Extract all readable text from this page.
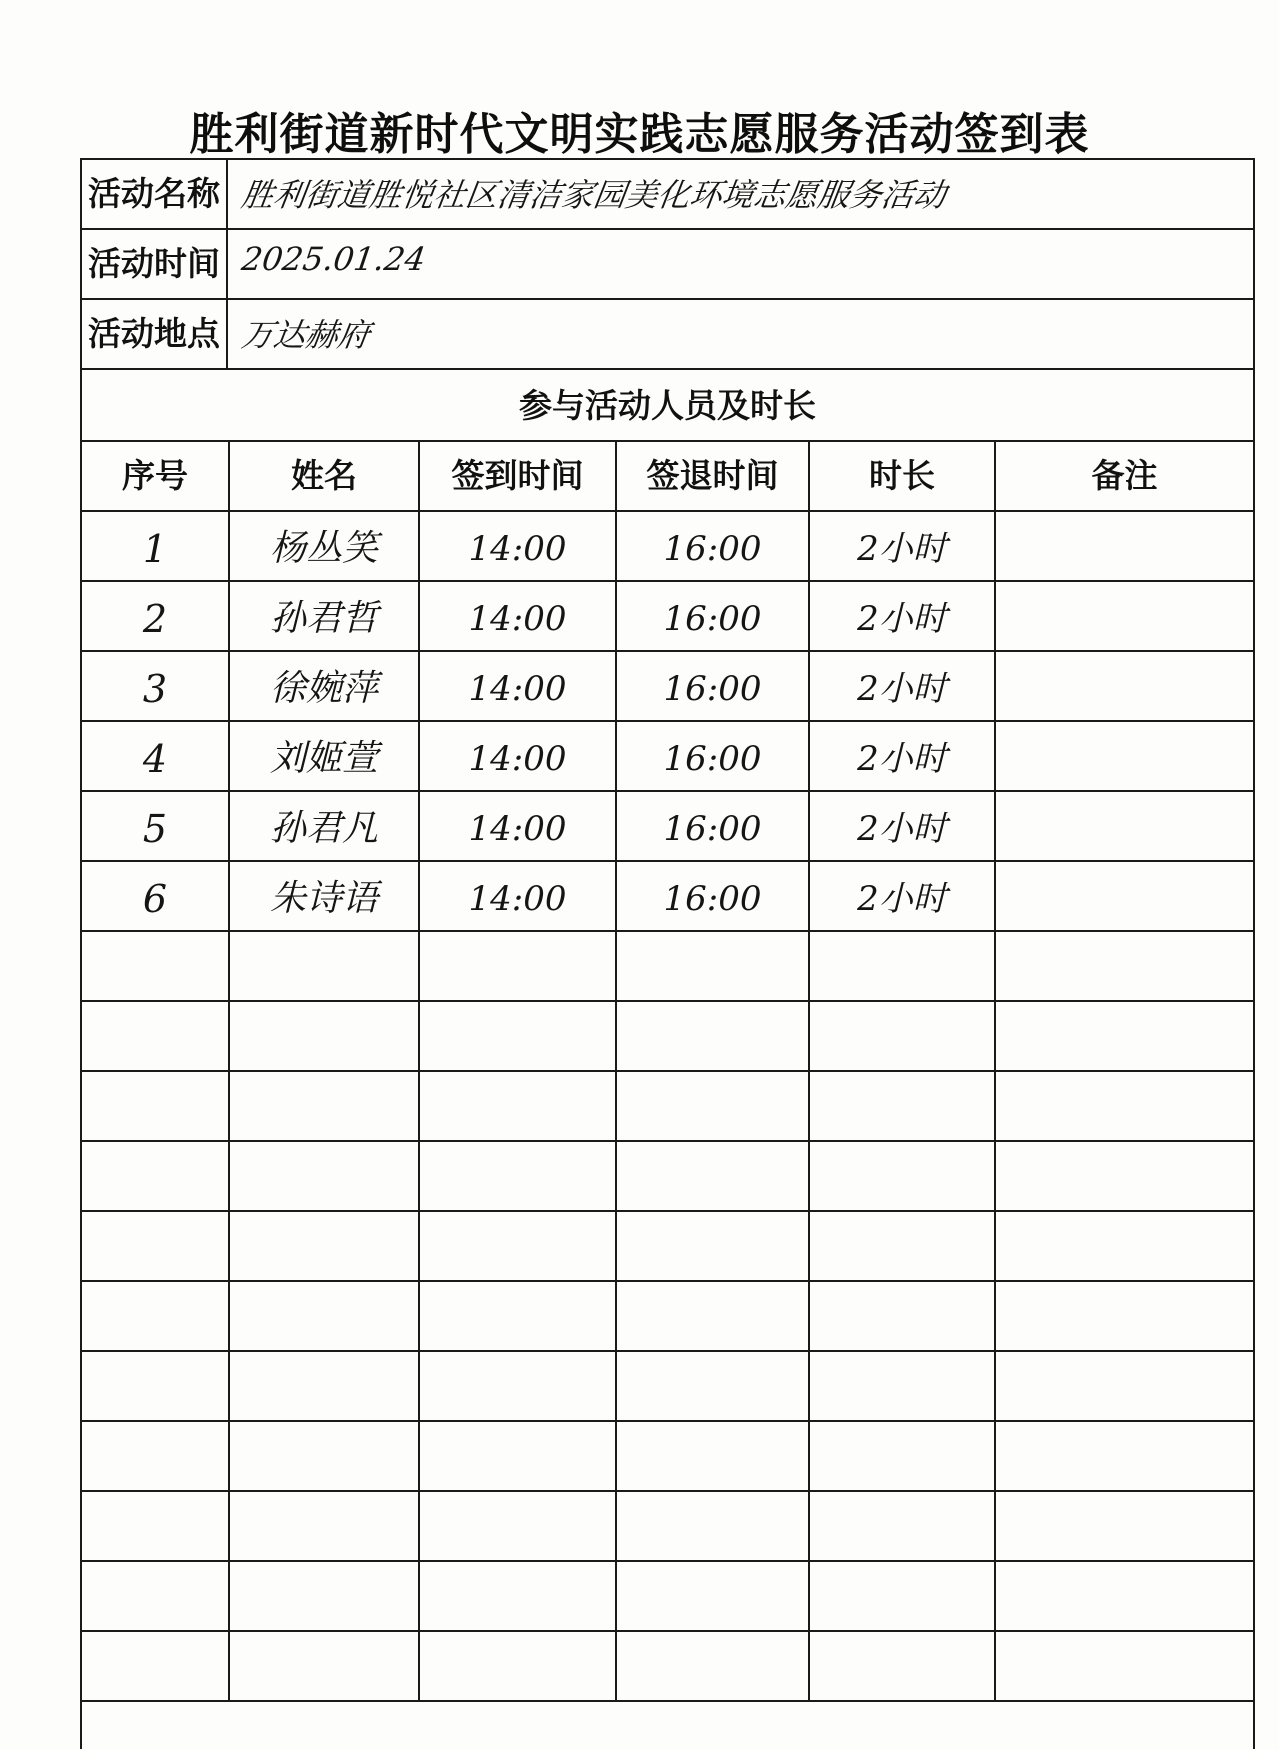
胜利街道新时代文明实践志愿服务活动签到表
活动名称 胜利街道胜悦社区清洁家园美化环境志愿服务活动
活动时间 2025.01.24
活动地点 万达赫府
参与活动人员及时长
序号	姓名	签到时间	签退时间	时长	备注
1	杨丛笑	14:00	16:00	2小时
2	孙君哲	14:00	16:00	2小时
3	徐婉萍	14:00	16:00	2小时
4	刘姬萱	14:00	16:00	2小时
5	孙君凡	14:00	16:00	2小时
6	朱诗语	14:00	16:00	2小时
